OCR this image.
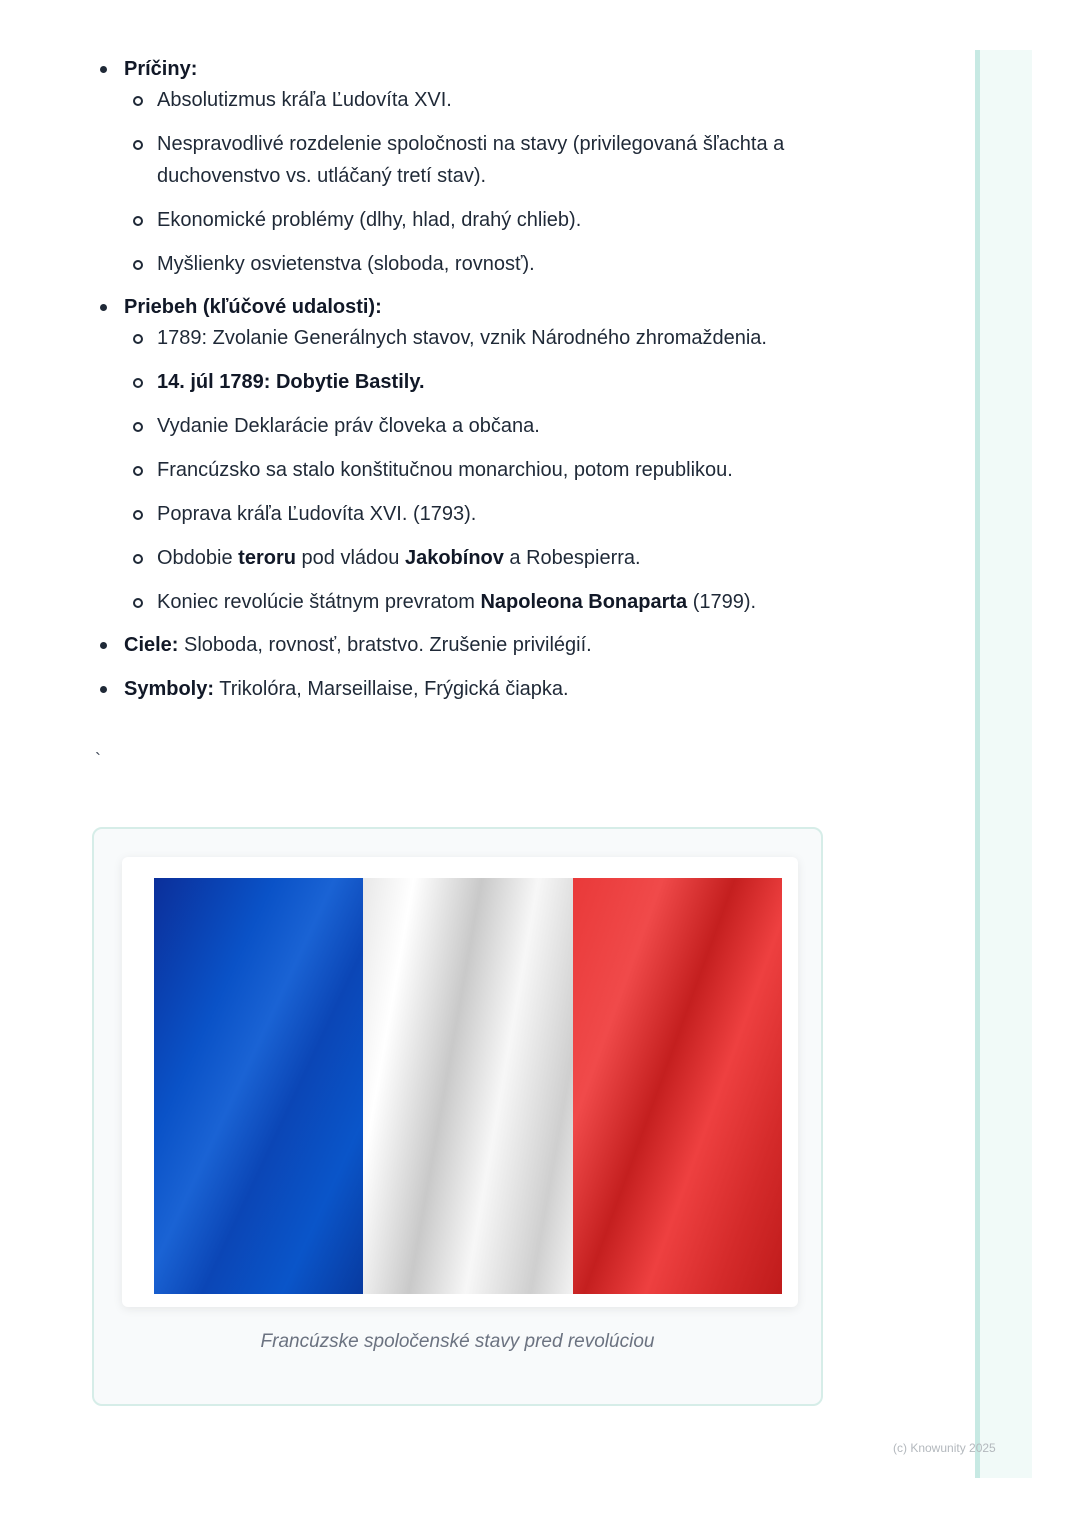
Príčiny:
Absolutizmus kráľa Ľudovíta XVI.
Nespravodlivé rozdelenie spoločnosti na stavy (privilegovaná šľachta a duchovenstvo vs. utláčaný tretí stav).
Ekonomické problémy (dlhy, hlad, drahý chlieb).
Myšlienky osvietenstva (sloboda, rovnosť).
Priebeh (kľúčové udalosti):
1789: Zvolanie Generálnych stavov, vznik Národného zhromaždenia.
14. júl 1789: Dobytie Bastily.
Vydanie Deklarácie práv človeka a občana.
Francúzsko sa stalo konštitučnou monarchiou, potom republikou.
Poprava kráľa Ľudovíta XVI. (1793).
Obdobie teroru pod vládou Jakobínov a Robespierra.
Koniec revolúcie štátnym prevratom Napoleona Bonaparta (1799).
Ciele: Sloboda, rovnosť, bratstvo. Zrušenie privilégií.
Symboly: Trikolóra, Marseillaise, Frýgická čiapka.
`
Francúzske spoločenské stavy pred revolúciou
(c) Knowunity 2025
